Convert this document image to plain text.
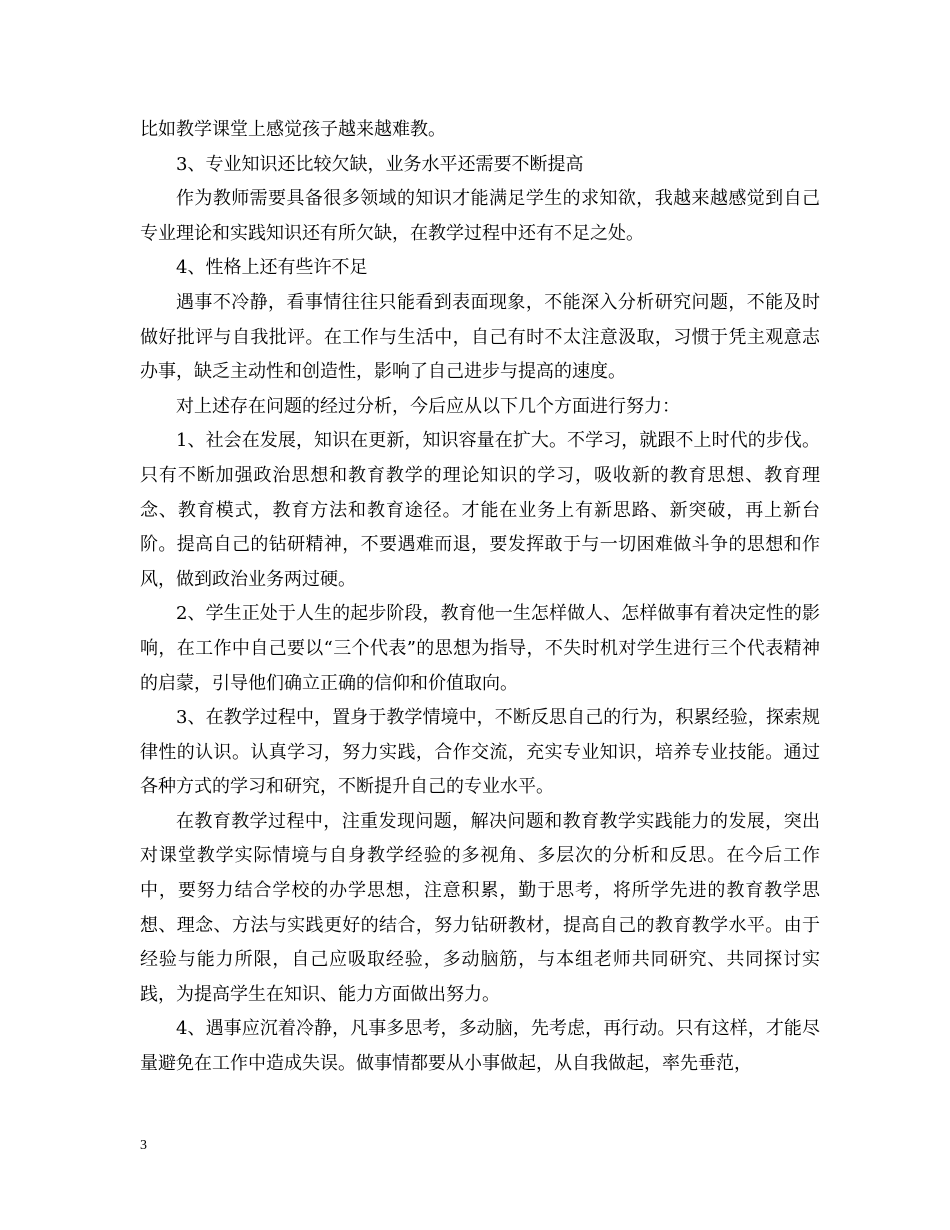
比如教学课堂上感觉孩子越来越难教。

3、专业知识还比较欠缺，业务水平还需要不断提高

作为教师需要具备很多领域的知识才能满足学生的求知欲，我越来越感觉到自己专业理论和实践知识还有所欠缺，在教学过程中还有不足之处。

4、性格上还有些许不足

遇事不冷静，看事情往往只能看到表面现象，不能深入分析研究问题，不能及时做好批评与自我批评。在工作与生活中，自己有时不太注意汲取，习惯于凭主观意志办事，缺乏主动性和创造性，影响了自己进步与提高的速度。

对上述存在问题的经过分析，今后应从以下几个方面进行努力：

1、社会在发展，知识在更新，知识容量在扩大。不学习，就跟不上时代的步伐。只有不断加强政治思想和教育教学的理论知识的学习，吸收新的教育思想、教育理念、教育模式，教育方法和教育途径。才能在业务上有新思路、新突破，再上新台阶。提高自己的钻研精神，不要遇难而退，要发挥敢于与一切困难做斗争的思想和作风，做到政治业务两过硬。

2、学生正处于人生的起步阶段，教育他一生怎样做人、怎样做事有着决定性的影响，在工作中自己要以“三个代表”的思想为指导，不失时机对学生进行三个代表精神的启蒙，引导他们确立正确的信仰和价值取向。

3、在教学过程中，置身于教学情境中，不断反思自己的行为，积累经验，探索规律性的认识。认真学习，努力实践，合作交流，充实专业知识，培养专业技能。通过各种方式的学习和研究，不断提升自己的专业水平。

在教育教学过程中，注重发现问题，解决问题和教育教学实践能力的发展，突出对课堂教学实际情境与自身教学经验的多视角、多层次的分析和反思。在今后工作中，要努力结合学校的办学思想，注意积累，勤于思考，将所学先进的教育教学思想、理念、方法与实践更好的结合，努力钻研教材，提高自己的教育教学水平。由于经验与能力所限，自己应吸取经验，多动脑筋，与本组老师共同研究、共同探讨实践，为提高学生在知识、能力方面做出努力。

4、遇事应沉着冷静，凡事多思考，多动脑，先考虑，再行动。只有这样，才能尽量避免在工作中造成失误。做事情都要从小事做起，从自我做起，率先垂范，

3
